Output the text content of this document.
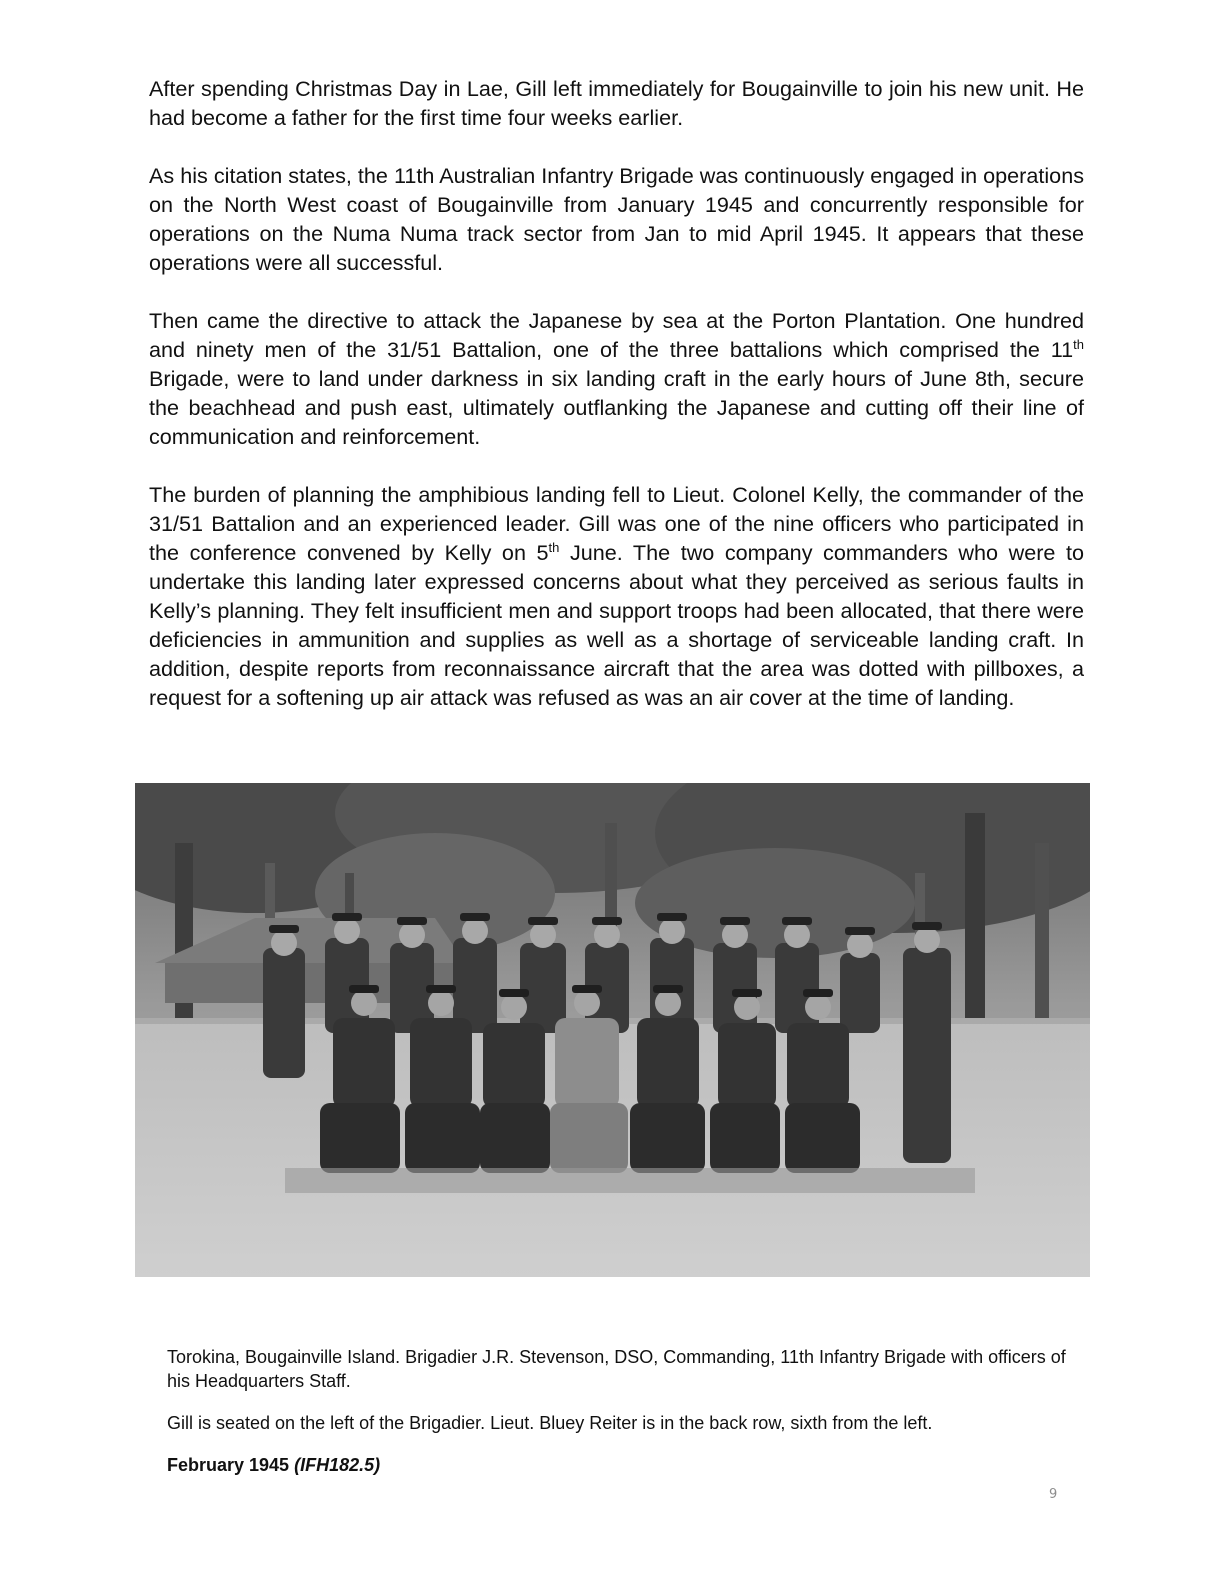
After spending Christmas Day in Lae, Gill left immediately for Bougainville to join his new unit. He had become a father for the first time four weeks earlier.

As his citation states, the 11th Australian Infantry Brigade was continuously engaged in operations on the North West coast of Bougainville from January 1945 and concurrently responsible for operations on the Numa Numa track sector from Jan to mid April 1945. It appears that these operations were all successful.

Then came the directive to attack the Japanese by sea at the Porton Plantation. One hundred and ninety men of the 31/51 Battalion, one of the three battalions which comprised the 11th Brigade, were to land under darkness in six landing craft in the early hours of June 8th, secure the beachhead and push east, ultimately outflanking the Japanese and cutting off their line of communication and reinforcement.

The burden of planning the amphibious landing fell to Lieut. Colonel Kelly, the commander of the 31/51 Battalion and an experienced leader. Gill was one of the nine officers who participated in the conference convened by Kelly on 5th June. The two company commanders who were to undertake this landing later expressed concerns about what they perceived as serious faults in Kelly’s planning. They felt insufficient men and support troops had been allocated, that there were deficiencies in ammunition and supplies as well as a shortage of serviceable landing craft. In addition, despite reports from reconnaissance aircraft that the area was dotted with pillboxes, a request for a softening up air attack was refused as was an air cover at the time of landing.

Torokina, Bougainville Island. Brigadier J.R. Stevenson, DSO, Commanding, 11th Infantry Brigade with officers of his Headquarters Staff.

Gill is seated on the left of the Brigadier. Lieut. Bluey Reiter is in the back row, sixth from the left.

February 1945 (IFH182.5)

9
